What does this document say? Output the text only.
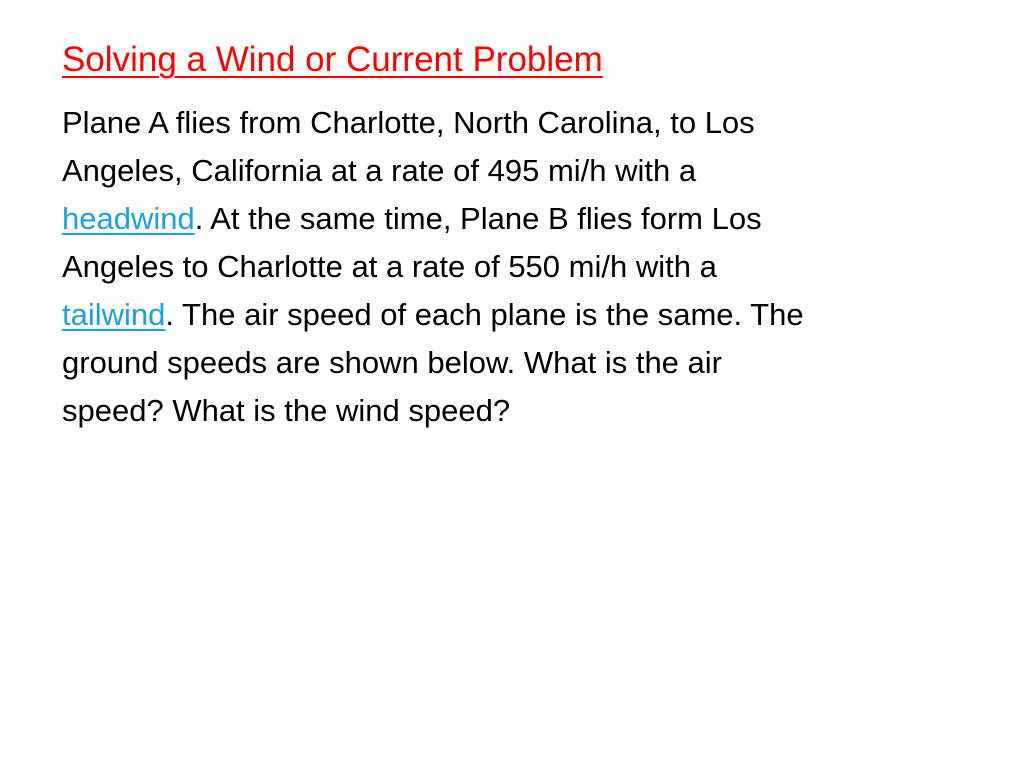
Solving a Wind or Current Problem
Plane A flies from Charlotte, North Carolina, to Los
Angeles, California at a rate of 495 mi/h with a
headwind. At the same time, Plane B flies form Los
Angeles to Charlotte at a rate of 550 mi/h with a
tailwind. The air speed of each plane is the same. The
ground speeds are shown below. What is the air
speed? What is the wind speed?
